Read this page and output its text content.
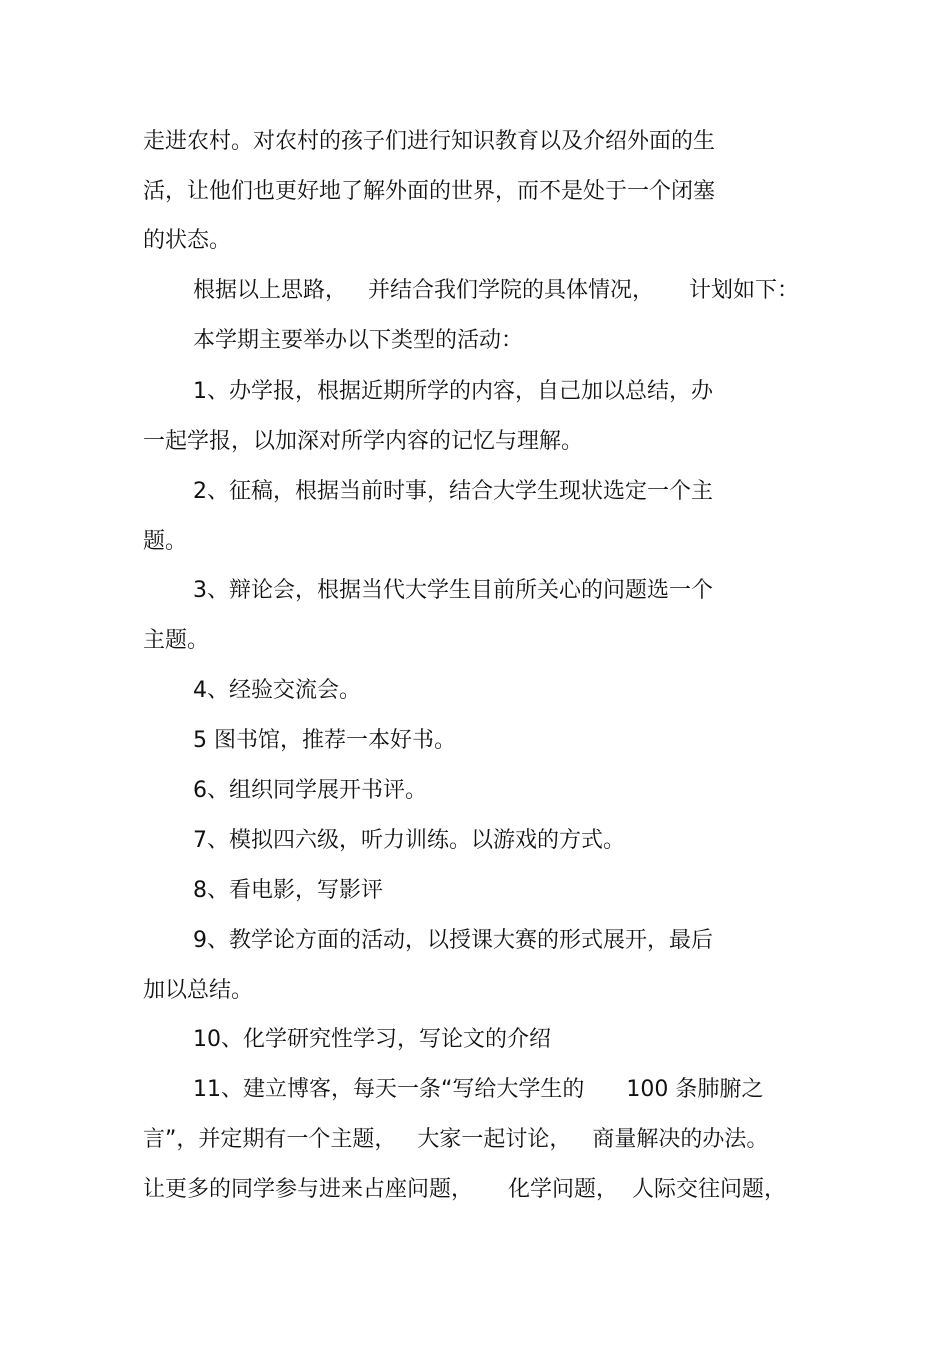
走进农村。对农村的孩子们进行知识教育以及介绍外面的生
活，让他们也更好地了解外面的世界，而不是处于一个闭塞
的状态。
根据以上思路，   并结合我们学院的具体情况，     计划如下：
本学期主要举办以下类型的活动：
1、办学报，根据近期所学的内容，自己加以总结，办
一起学报，以加深对所学内容的记忆与理解。
2、征稿，根据当前时事，结合大学生现状选定一个主
题。
3、辩论会，根据当代大学生目前所关心的问题选一个
主题。
4、经验交流会。
5 图书馆，推荐一本好书。
6、组织同学展开书评。
7、模拟四六级，听力训练。以游戏的方式。
8、看电影，写影评
9、教学论方面的活动，以授课大赛的形式展开，最后
加以总结。
10、化学研究性学习，写论文的介绍
11、建立博客，每天一条“写给大学生的      100 条肺腑之
言”，并定期有一个主题，   大家一起讨论，   商量解决的办法。
让更多的同学参与进来占座问题，     化学问题，  人际交往问题，
